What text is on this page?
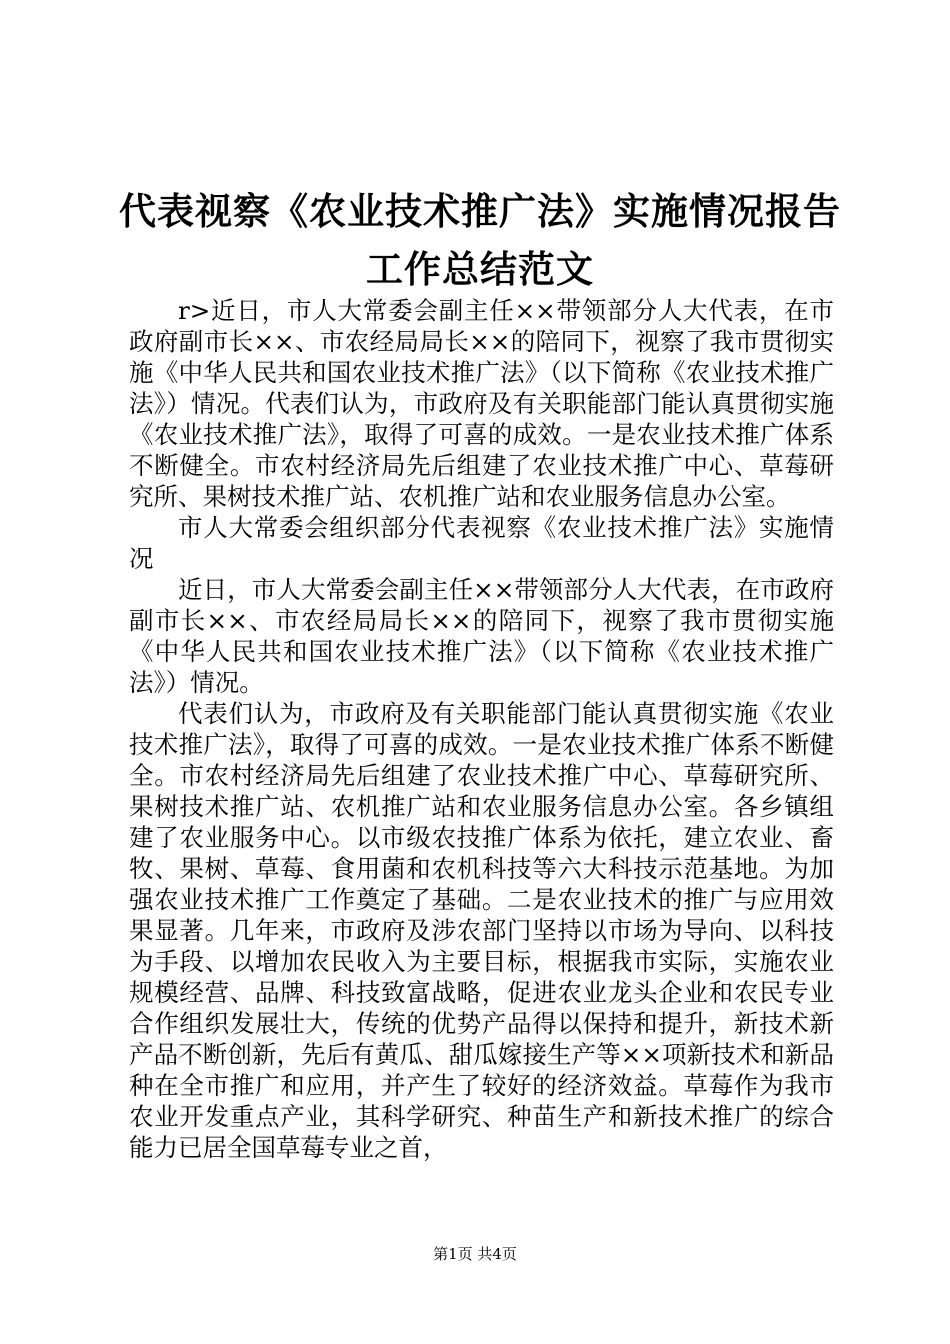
代表视察《农业技术推广法》实施情况报告工作总结范文

r>近日，市人大常委会副主任××带领部分人大代表，在市政府副市长××、市农经局局长××的陪同下，视察了我市贯彻实施《中华人民共和国农业技术推广法》（以下简称《农业技术推广法》）情况。代表们认为，市政府及有关职能部门能认真贯彻实施《农业技术推广法》，取得了可喜的成效。一是农业技术推广体系不断健全。市农村经济局先后组建了农业技术推广中心、草莓研究所、果树技术推广站、农机推广站和农业服务信息办公室。

市人大常委会组织部分代表视察《农业技术推广法》实施情况

近日，市人大常委会副主任××带领部分人大代表，在市政府副市长××、市农经局局长××的陪同下，视察了我市贯彻实施《中华人民共和国农业技术推广法》（以下简称《农业技术推广法》）情况。

代表们认为，市政府及有关职能部门能认真贯彻实施《农业技术推广法》，取得了可喜的成效。一是农业技术推广体系不断健全。市农村经济局先后组建了农业技术推广中心、草莓研究所、果树技术推广站、农机推广站和农业服务信息办公室。各乡镇组建了农业服务中心。以市级农技推广体系为依托，建立农业、畜牧、果树、草莓、食用菌和农机科技等六大科技示范基地。为加强农业技术推广工作奠定了基础。二是农业技术的推广与应用效果显著。几年来，市政府及涉农部门坚持以市场为导向、以科技为手段、以增加农民收入为主要目标，根据我市实际，实施农业规模经营、品牌、科技致富战略，促进农业龙头企业和农民专业合作组织发展壮大，传统的优势产品得以保持和提升，新技术新产品不断创新，先后有黄瓜、甜瓜嫁接生产等××项新技术和新品种在全市推广和应用，并产生了较好的经济效益。草莓作为我市农业开发重点产业，其科学研究、种苗生产和新技术推广的综合能力已居全国草莓专业之首，

第1页 共4页
